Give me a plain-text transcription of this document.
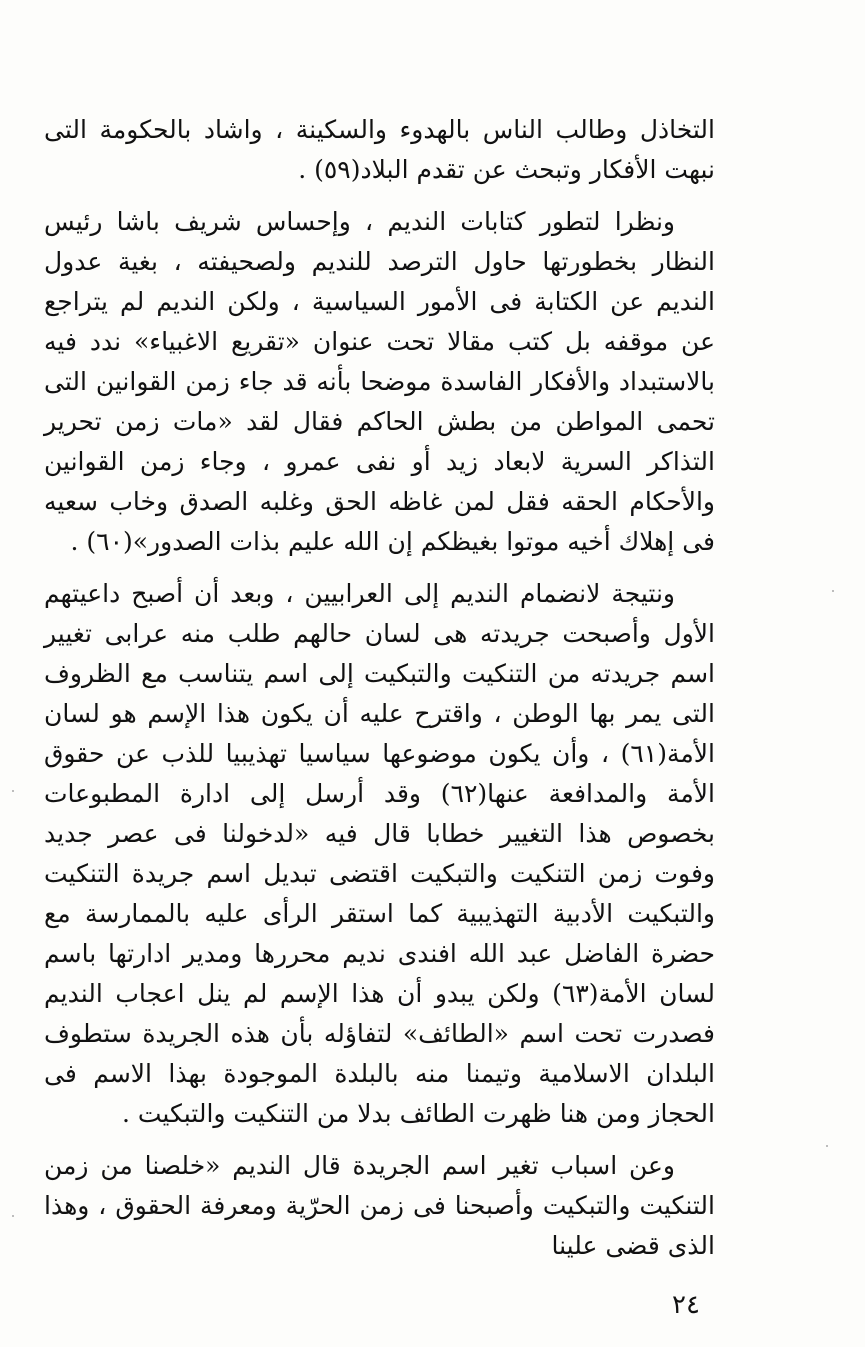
التخاذل وطالب الناس بالهدوء والسكينة ، واشاد بالحكومة التى نبهت الأفكار وتبحث عن تقدم البلاد(٥٩) .

ونظرا لتطور كتابات النديم ، وإحساس شريف باشا رئيس النظار بخطورتها حاول الترصد للنديم ولصحيفته ، بغية عدول النديم عن الكتابة فى الأمور السياسية ، ولكن النديم لم يتراجع عن موقفه بل كتب مقالا تحت عنوان «تقريع الاغبياء» ندد فيه بالاستبداد والأفكار الفاسدة موضحا بأنه قد جاء زمن القوانين التى تحمى المواطن من بطش الحاكم فقال لقد «مات زمن تحرير التذاكر السرية لابعاد زيد أو نفى عمرو ، وجاء زمن القوانين والأحكام الحقه فقل لمن غاظه الحق وغلبه الصدق وخاب سعيه فى إهلاك أخيه موتوا بغيظكم إن الله عليم بذات الصدور»(٦٠) .

ونتيجة لانضمام النديم إلى العرابيين ، وبعد أن أصبح داعيتهم الأول وأصبحت جريدته هى لسان حالهم طلب منه عرابى تغيير اسم جريدته من التنكيت والتبكيت إلى اسم يتناسب مع الظروف التى يمر بها الوطن ، واقترح عليه أن يكون هذا الإسم هو لسان الأمة(٦١) ، وأن يكون موضوعها سياسيا تهذيبيا للذب عن حقوق الأمة والمدافعة عنها(٦٢) وقد أرسل إلى ادارة المطبوعات بخصوص هذا التغيير خطابا قال فيه «لدخولنا فى عصر جديد وفوت زمن التنكيت والتبكيت اقتضى تبديل اسم جريدة التنكيت والتبكيت الأدبية التهذيبية كما استقر الرأى عليه بالممارسة مع حضرة الفاضل عبد الله افندى نديم محررها ومدير ادارتها باسم لسان الأمة(٦٣) ولكن يبدو أن هذا الإسم لم ينل اعجاب النديم فصدرت تحت اسم «الطائف» لتفاؤله بأن هذه الجريدة ستطوف البلدان الاسلامية وتيمنا منه بالبلدة الموجودة بهذا الاسم فى الحجاز ومن هنا ظهرت الطائف بدلا من التنكيت والتبكيت .

وعن اسباب تغير اسم الجريدة قال النديم «خلصنا من زمن التنكيت والتبكيت وأصبحنا فى زمن الحرّية ومعرفة الحقوق ، وهذا الذى قضى علينا

٢٤
